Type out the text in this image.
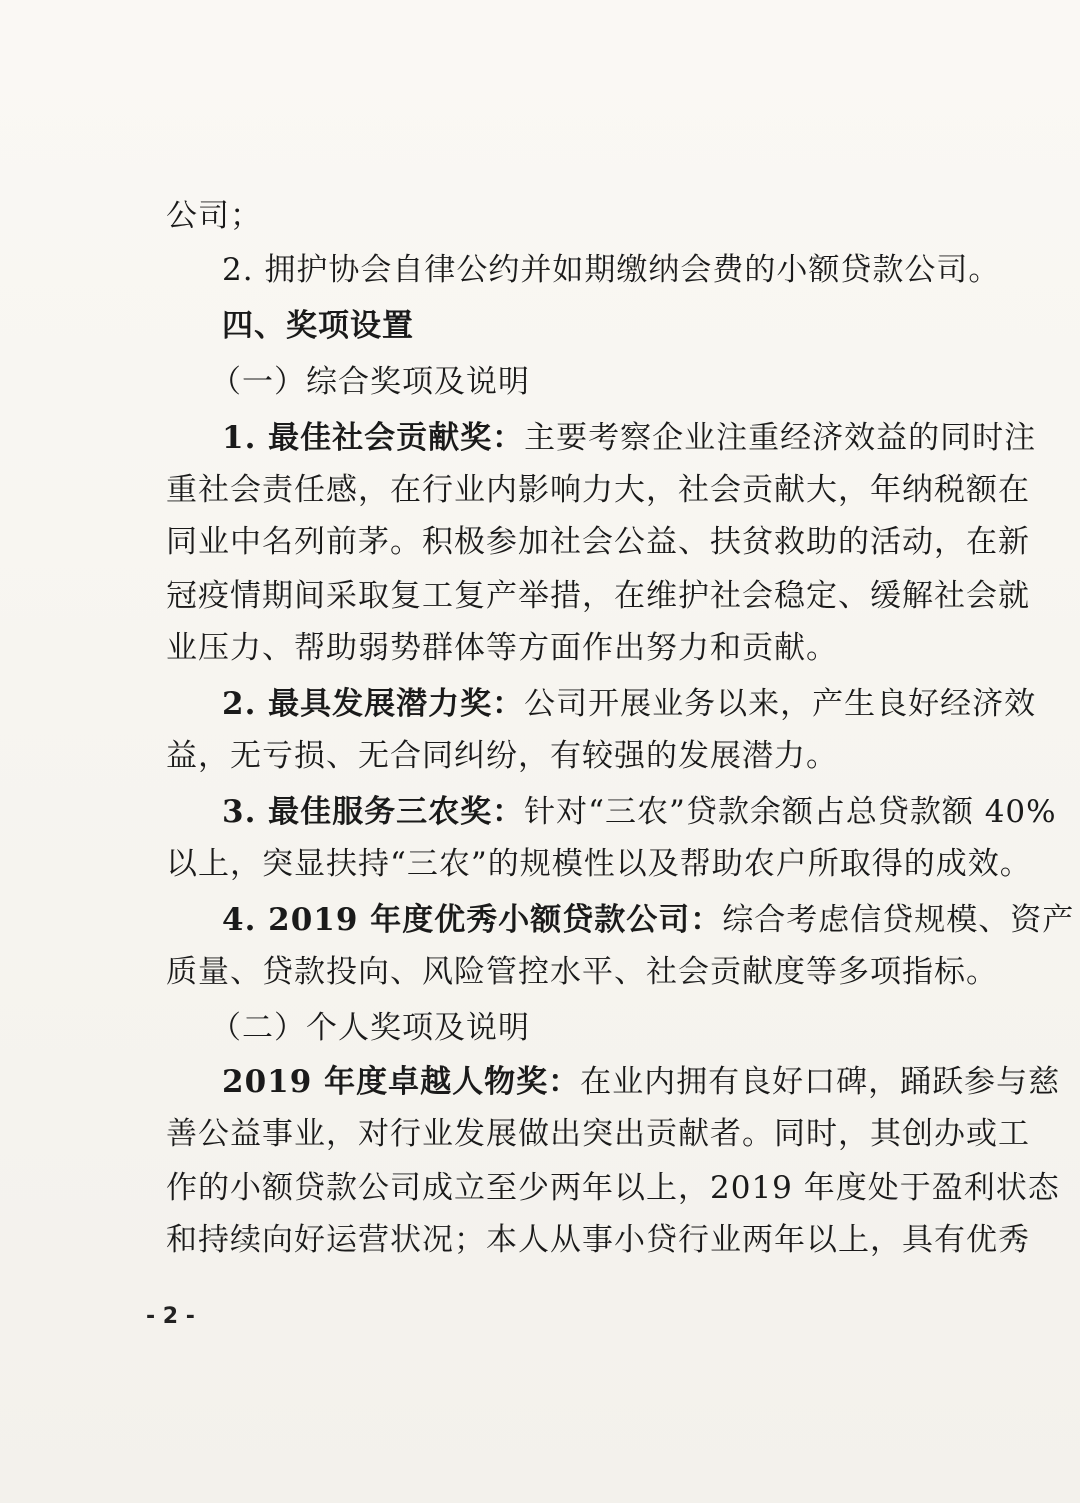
公司；
2. 拥护协会自律公约并如期缴纳会费的小额贷款公司。
四、奖项设置
（一）综合奖项及说明
1. 最佳社会贡献奖：主要考察企业注重经济效益的同时注
重社会责任感，在行业内影响力大，社会贡献大，年纳税额在
同业中名列前茅。积极参加社会公益、扶贫救助的活动，在新
冠疫情期间采取复工复产举措，在维护社会稳定、缓解社会就
业压力、帮助弱势群体等方面作出努力和贡献。
2. 最具发展潜力奖：公司开展业务以来，产生良好经济效
益，无亏损、无合同纠纷，有较强的发展潜力。
3. 最佳服务三农奖：针对“三农”贷款余额占总贷款额 40%
以上，突显扶持“三农”的规模性以及帮助农户所取得的成效。
4. 2019 年度优秀小额贷款公司：综合考虑信贷规模、资产
质量、贷款投向、风险管控水平、社会贡献度等多项指标。
（二）个人奖项及说明
2019 年度卓越人物奖：在业内拥有良好口碑，踊跃参与慈
善公益事业，对行业发展做出突出贡献者。同时，其创办或工
作的小额贷款公司成立至少两年以上，2019 年度处于盈利状态
和持续向好运营状况；本人从事小贷行业两年以上，具有优秀
- 2 -
